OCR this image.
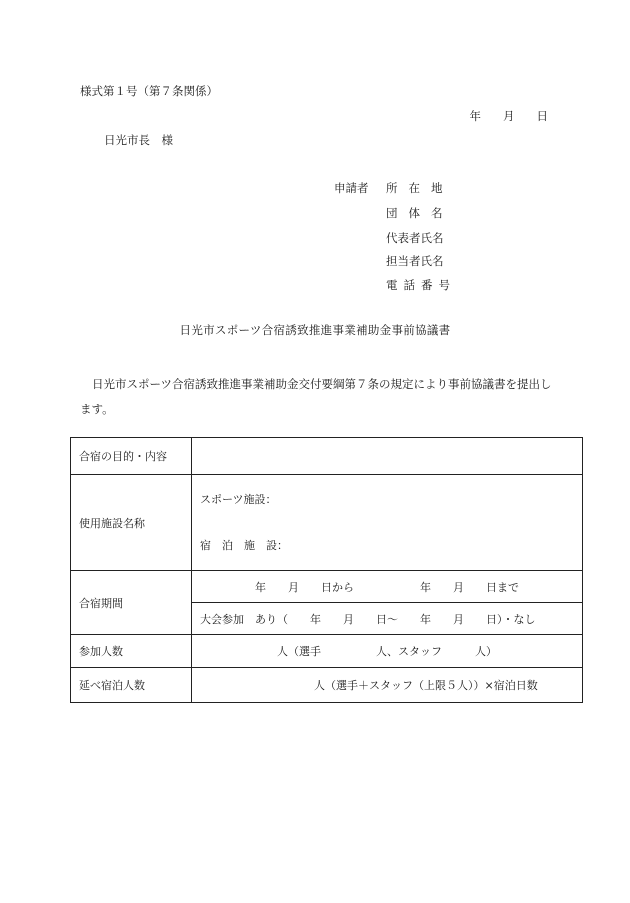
様式第１号（第７条関係）
年 月 日
日光市長　様
申請者 所在地
団体名
代表者氏名
担当者氏名
電話番号
日光市スポーツ合宿誘致推進事業補助金事前協議書
日光市スポーツ合宿誘致推進事業補助金交付要綱第７条の規定により事前協議書を提出します。
合宿の目的・内容	
使用施設名称	スポーツ施設：
宿　泊　施　設：

合宿期間	年　　月　　日から　　　　　　年　　月　　日まで
	大会参加　あり（　　年　　月　　日～　　年　　月　　日）・なし
参加人数	人（選手　　　　　人、スタッフ　　　人）
延べ宿泊人数	人（選手＋スタッフ（上限５人））×宿泊日数
